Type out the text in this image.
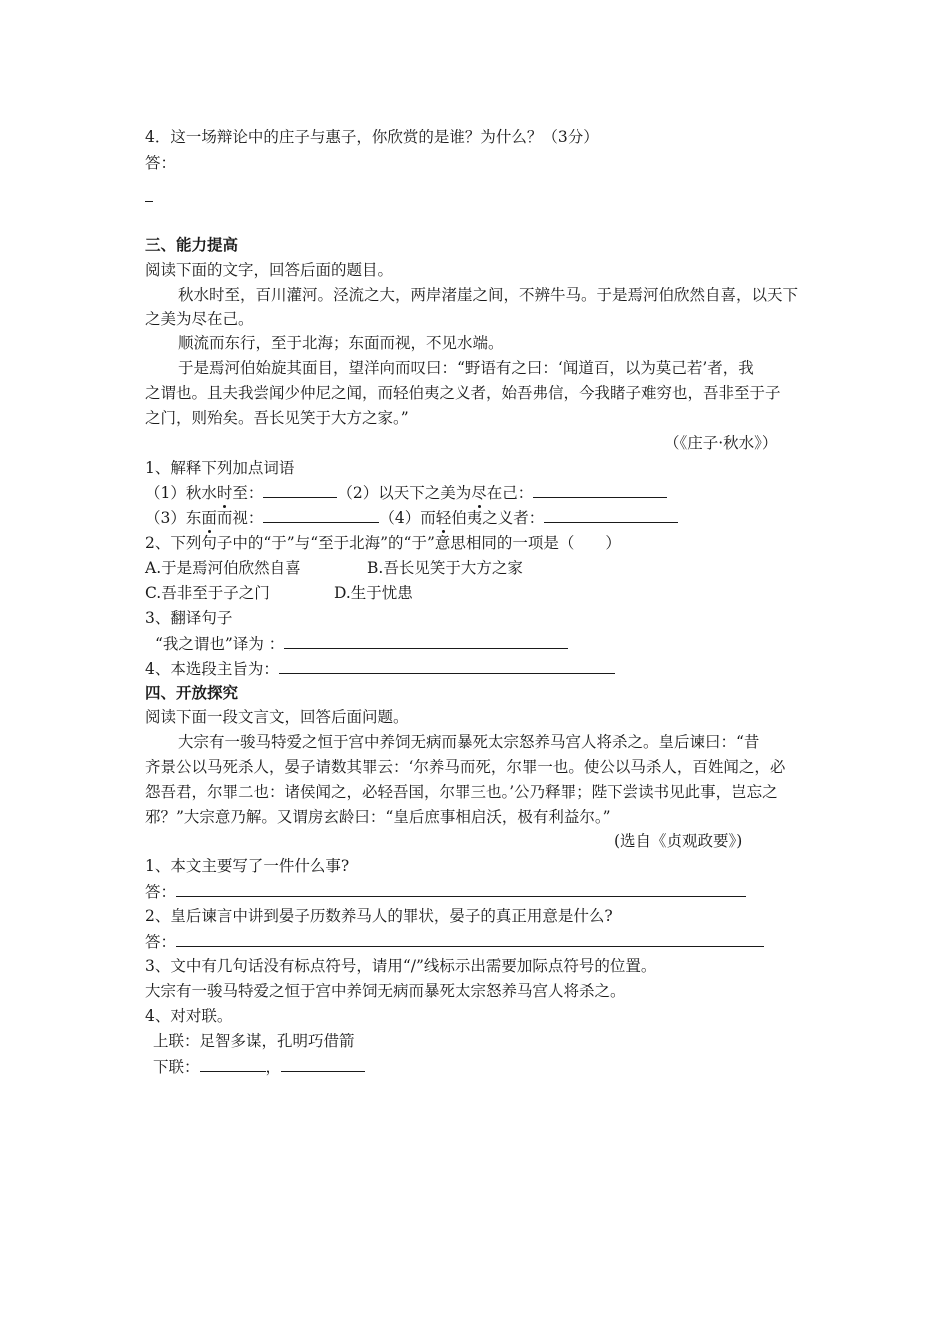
4．这一场辩论中的庄子与惠子，你欣赏的是谁？为什么？（3分）
答：
三、能力提高
阅读下面的文字，回答后面的题目。
秋水时至，百川灌河。泾流之大，两岸渚崖之间，不辨牛马。于是焉河伯欣然自喜，以天下
之美为尽在己。
顺流而东行，至于北海；东面而视，不见水端。
于是焉河伯始旋其面目，望洋向而叹曰：“野语有之曰：‘闻道百，以为莫己若’者，我
之谓也。且夫我尝闻少仲尼之闻，而轻伯夷之义者，始吾弗信，今我睹子难穷也，吾非至于子
之门，则殆矣。吾长见笑于大方之家。”
（《庄子·秋水》）
1、解释下列加点词语
（1）秋水时至：	（2）以天下之美为尽在己：
（3）东面而视：	（4）而轻伯夷之义者：
2、下列句子中的“于”与“至于北海”的“于”意思相同的一项是（　　）
A.于是焉河伯欣然自喜	B.吾长见笑于大方之家
C.吾非至于子之门	D.生于忧患
3、翻译句子
“我之谓也”译为 ：
4、本选段主旨为：
四、开放探究
阅读下面一段文言文，回答后面问题。
大宗有一骏马特爱之恒于宫中养饲无病而暴死太宗怒养马宫人将杀之。皇后谏曰：“昔
齐景公以马死杀人，晏子请数其罪云：‘尔养马而死，尔罪一也。使公以马杀人，百姓闻之，必
怨吾君，尔罪二也：诸侯闻之，必轻吾国，尔罪三也。’公乃释罪；陛下尝读书见此事，岂忘之
邪？”大宗意乃解。又谓房玄龄曰：“皇后庶事相启沃，极有利益尔。”
(选自《贞观政要》)
1、本文主要写了一件什么事?
答：
2、皇后谏言中讲到晏子历数养马人的罪状，晏子的真正用意是什么?
答：
3、文中有几句话没有标点符号，请用“/”线标示出需要加际点符号的位置。
大宗有一骏马特爱之恒于宫中养饲无病而暴死太宗怒养马宫人将杀之。
4、对对联。
上联：足智多谋，孔明巧借箭
下联：	，
